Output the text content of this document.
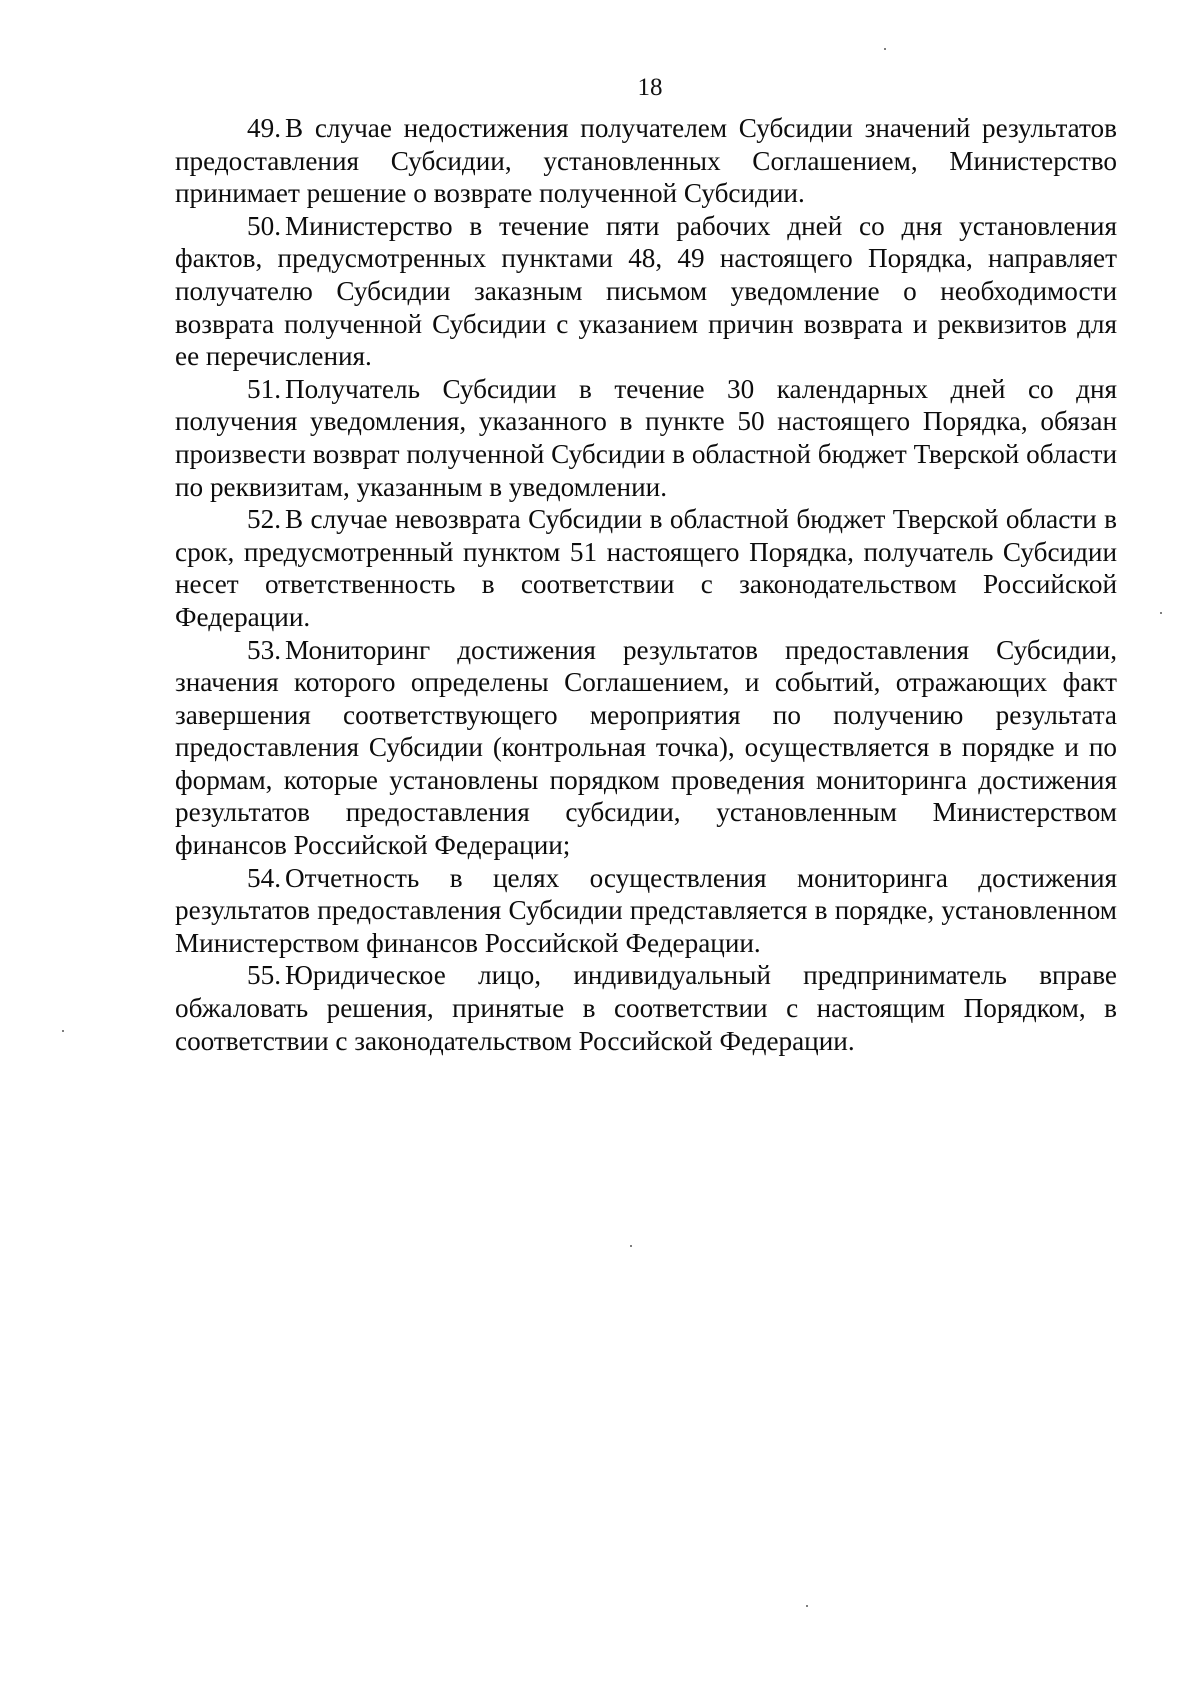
18

49. В случае недостижения получателем Субсидии значений результатов предоставления Субсидии, установленных Соглашением, Министерство принимает решение о возврате полученной Субсидии.

50. Министерство в течение пяти рабочих дней со дня установления фактов, предусмотренных пунктами 48, 49 настоящего Порядка, направляет получателю Субсидии заказным письмом уведомление о необходимости возврата полученной Субсидии с указанием причин возврата и реквизитов для ее перечисления.

51. Получатель Субсидии в течение 30 календарных дней со дня получения уведомления, указанного в пункте 50 настоящего Порядка, обязан произвести возврат полученной Субсидии в областной бюджет Тверской области по реквизитам, указанным в уведомлении.

52. В случае невозврата Субсидии в областной бюджет Тверской области в срок, предусмотренный пунктом 51 настоящего Порядка, получатель Субсидии несет ответственность в соответствии с законодательством Российской Федерации.

53. Мониторинг достижения результатов предоставления Субсидии, значения которого определены Соглашением, и событий, отражающих факт завершения соответствующего мероприятия по получению результата предоставления Субсидии (контрольная точка), осуществляется в порядке и по формам, которые установлены порядком проведения мониторинга достижения результатов предоставления субсидии, установленным Министерством финансов Российской Федерации;

54. Отчетность в целях осуществления мониторинга достижения результатов предоставления Субсидии представляется в порядке, установленном Министерством финансов Российской Федерации.

55. Юридическое лицо, индивидуальный предприниматель вправе обжаловать решения, принятые в соответствии с настоящим Порядком, в соответствии с законодательством Российской Федерации.
